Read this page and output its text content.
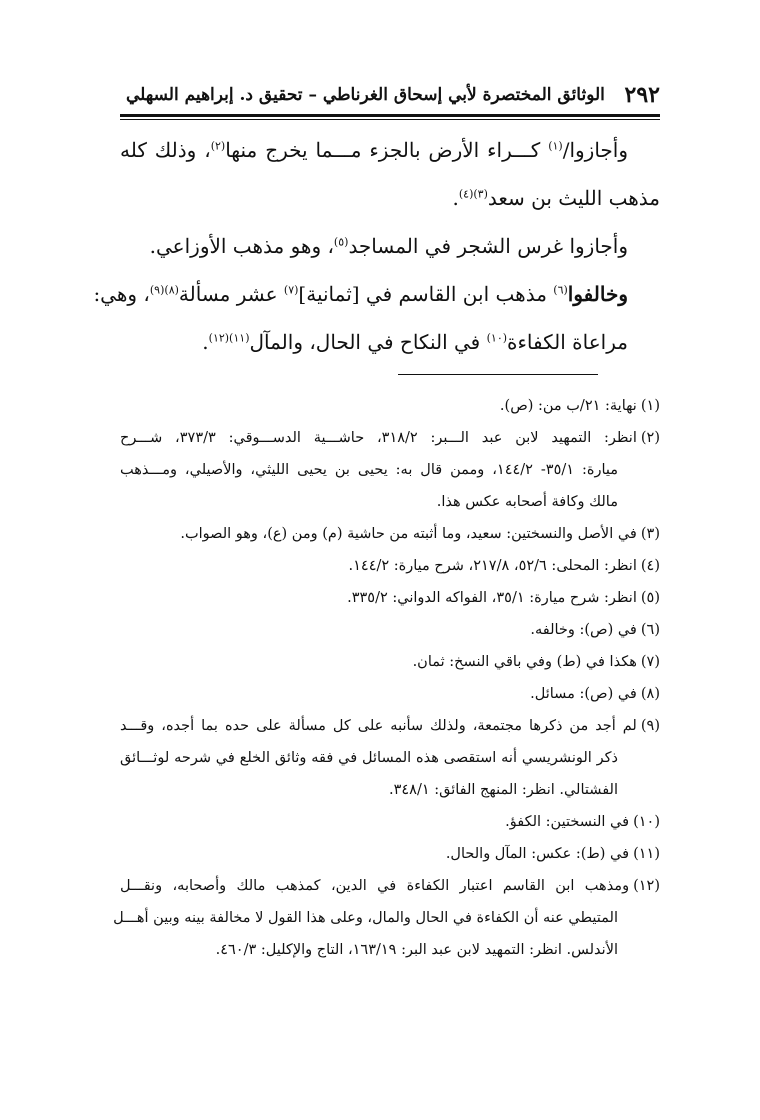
٢٩٢
الوثائق المختصرة لأبي إسحاق الغرناطي – تحقيق د. إبراهيم السهلي
وأجازوا/$^{(١)}$ كـــراء الأرض بالجزء مـــما يخرج منها$^{(٢)}$، وذلك كله
مذهب الليث بن سعد$^{(٣)(٤)}$.
وأجازوا غرس الشجر في المساجد$^{(٥)}$، وهو مذهب الأوزاعي.
وخالفوا$^{(٦)}$ مذهب ابن القاسم في [ثمانية]$^{(٧)}$ عشر مسألة$^{(٨)(٩)}$، وهي:
مراعاة الكفاءة$^{(١٠)}$ في النكاح في الحال، والمآل$^{(١١)(١٢)}$.
(١)
نهاية: ٢١/ب من: (ص).
(٢)
انظر: التمهيد لابن عبد الـــبر: ٣١٨/٢، حاشـــية الدســـوقي: ٣٧٣/٣، شـــرح
ميارة: ٣٥/١- ١٤٤/٢، وممن قال به: يحيى بن يحيى الليثي، والأصيلي، ومـــذهب
مالك وكافة أصحابه عكس هذا.
(٣)
في الأصل والنسختين: سعيد، وما أثبته من حاشية (م) ومن (ع)، وهو الصواب.
(٤)
انظر: المحلى: ٥٢/٦، ٢١٧/٨، شرح ميارة: ١٤٤/٢.
(٥)
انظر: شرح ميارة: ٣٥/١، الفواكه الدواني: ٣٣٥/٢.
(٦)
في (ص): وخالفه.
(٧)
هكذا في (ط) وفي باقي النسخ: ثمان.
(٨)
في (ص): مسائل.
(٩)
لم أجد من ذكرها مجتمعة، ولذلك سأنبه على كل مسألة على حده بما أجده، وقـــد
ذكر الونشريسي أنه استقصى هذه المسائل في فقه وثائق الخلع في شرحه لوثـــائق
الفشتالي. انظر: المنهج الفائق: ٣٤٨/١.
(١٠)
في النسختين: الكفؤ.
(١١)
في (ط): عكس: المآل والحال.
(١٢)
ومذهب ابن القاسم اعتبار الكفاءة في الدين، كمذهب مالك وأصحابه، ونقـــل
المتيطي عنه أن الكفاءة في الحال والمال، وعلى هذا القول لا مخالفة بينه وبين أهـــل
الأندلس. انظر: التمهيد لابن عبد البر: ١٦٣/١٩، التاج والإكليل: ٤٦٠/٣.
